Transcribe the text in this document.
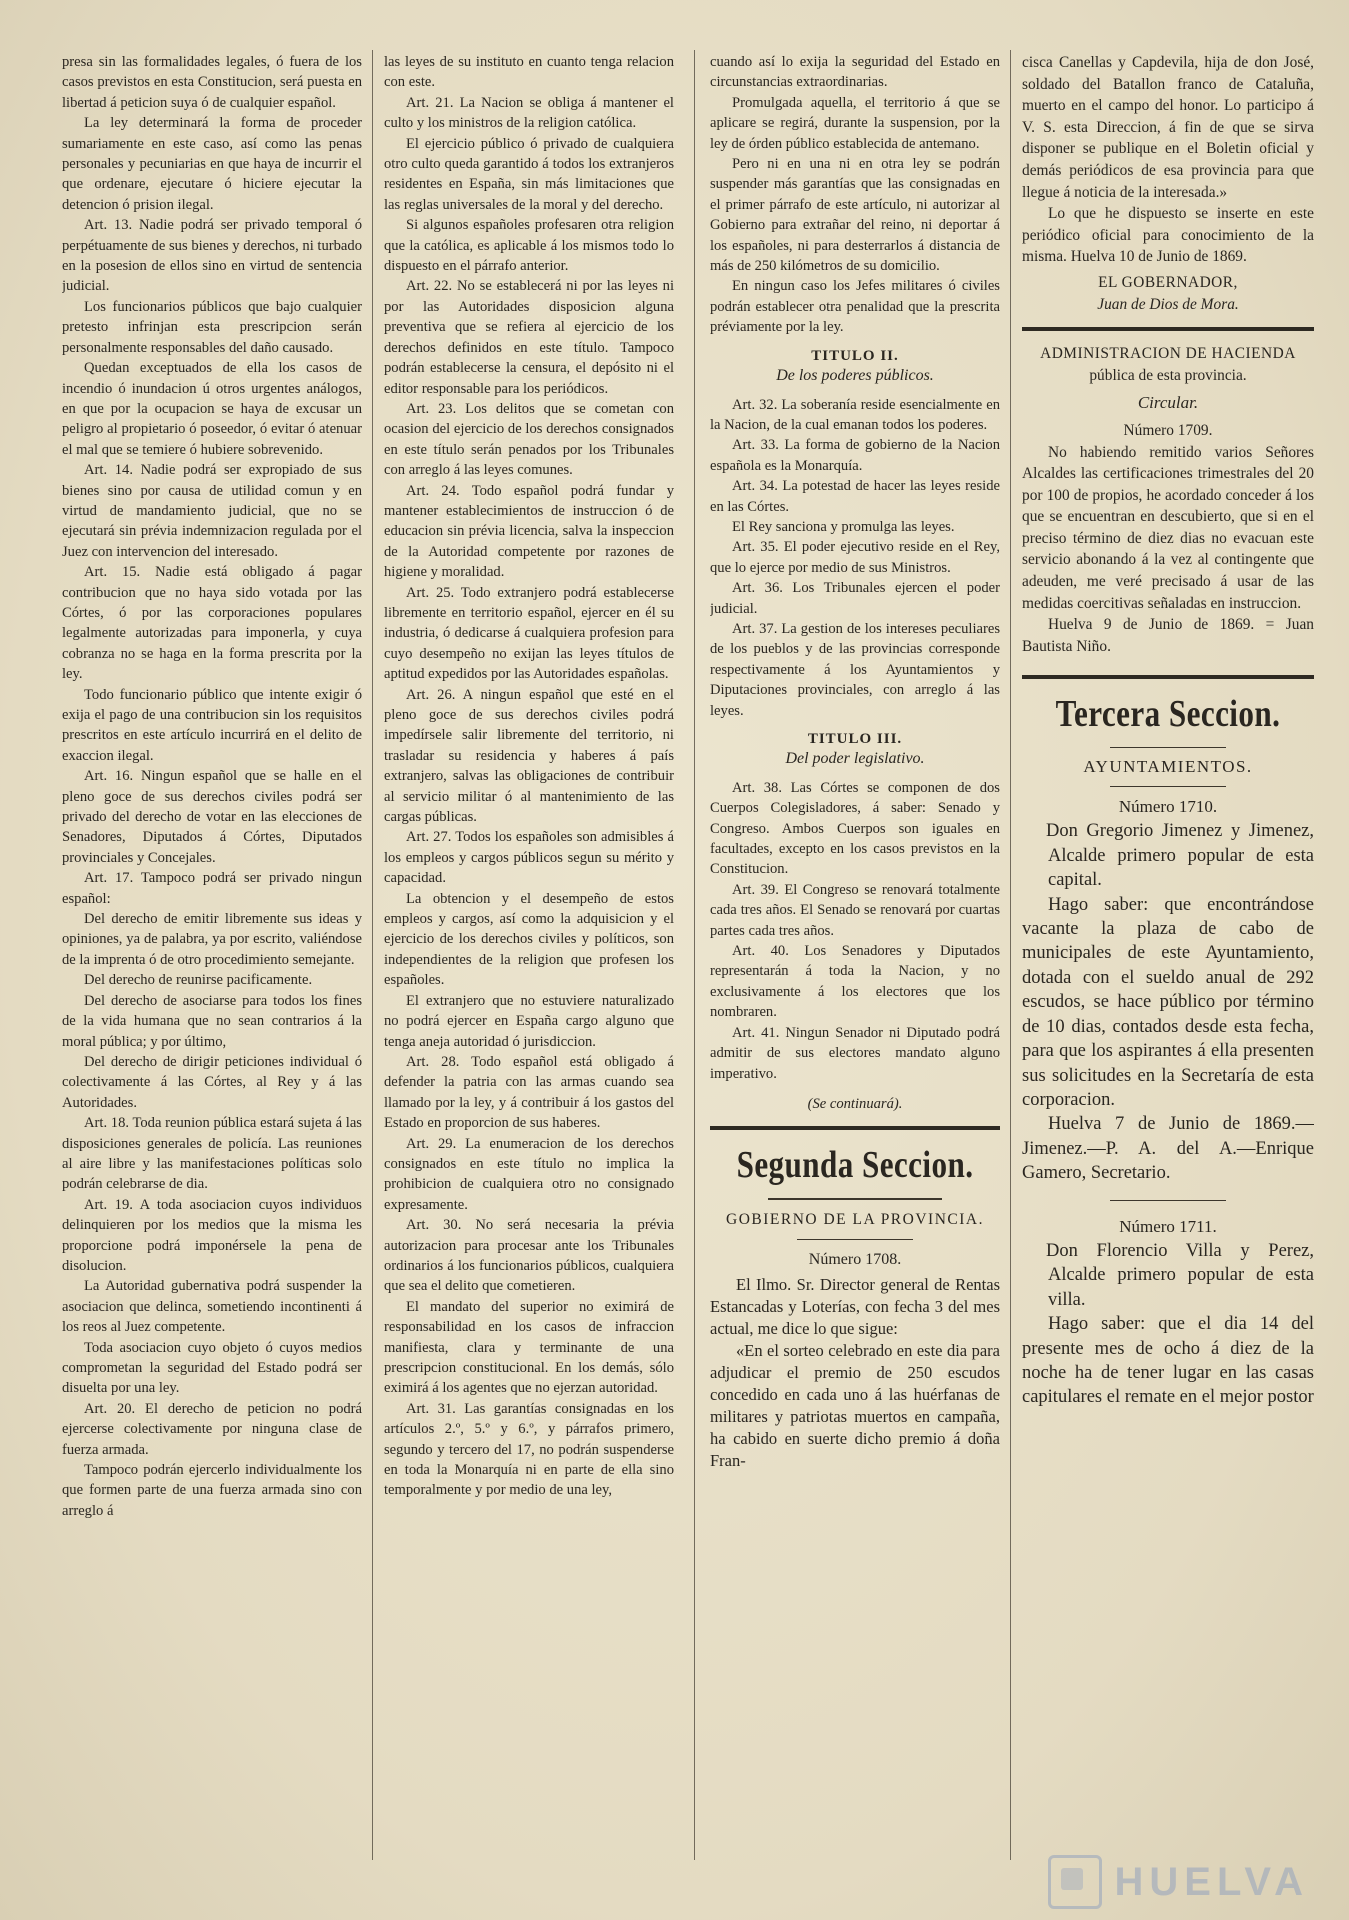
presa sin las formalidades legales, ó fuera de los casos previstos en esta Constitucion, será puesta en libertad á peticion suya ó de cualquier español.

La ley determinará la forma de proceder sumariamente en este caso, así como las penas personales y pecuniarias en que haya de incurrir el que ordenare, ejecutare ó hiciere ejecutar la detencion ó prision ilegal.

Art. 13. Nadie podrá ser privado temporal ó perpétuamente de sus bienes y derechos, ni turbado en la posesion de ellos sino en virtud de sentencia judicial.

Los funcionarios públicos que bajo cualquier pretesto infrinjan esta prescripcion serán personalmente responsables del daño causado.

Quedan exceptuados de ella los casos de incendio ó inundacion ú otros urgentes análogos, en que por la ocupacion se haya de excusar un peligro al propietario ó poseedor, ó evitar ó atenuar el mal que se temiere ó hubiere sobrevenido.

Art. 14. Nadie podrá ser expropiado de sus bienes sino por causa de utilidad comun y en virtud de mandamiento judicial, que no se ejecutará sin prévia indemnizacion regulada por el Juez con intervencion del interesado.

Art. 15. Nadie está obligado á pagar contribucion que no haya sido votada por las Córtes, ó por las corporaciones populares legalmente autorizadas para imponerla, y cuya cobranza no se haga en la forma prescrita por la ley.

Todo funcionario público que intente exigir ó exija el pago de una contribucion sin los requisitos prescritos en este artículo incurrirá en el delito de exaccion ilegal.

Art. 16. Ningun español que se halle en el pleno goce de sus derechos civiles podrá ser privado del derecho de votar en las elecciones de Senadores, Diputados á Córtes, Diputados provinciales y Concejales.

Art. 17. Tampoco podrá ser privado ningun español:

Del derecho de emitir libremente sus ideas y opiniones, ya de palabra, ya por escrito, valiéndose de la imprenta ó de otro procedimiento semejante.

Del derecho de reunirse pacificamente.

Del derecho de asociarse para todos los fines de la vida humana que no sean contrarios á la moral pública; y por último,

Del derecho de dirigir peticiones individual ó colectivamente á las Córtes, al Rey y á las Autoridades.

Art. 18. Toda reunion pública estará sujeta á las disposiciones generales de policía. Las reuniones al aire libre y las manifestaciones políticas solo podrán celebrarse de dia.

Art. 19. A toda asociacion cuyos individuos delinquieren por los medios que la misma les proporcione podrá imponérsele la pena de disolucion.

La Autoridad gubernativa podrá suspender la asociacion que delinca, sometiendo incontinenti á los reos al Juez competente.

Toda asociacion cuyo objeto ó cuyos medios comprometan la seguridad del Estado podrá ser disuelta por una ley.

Art. 20. El derecho de peticion no podrá ejercerse colectivamente por ninguna clase de fuerza armada.

Tampoco podrán ejercerlo individualmente los que formen parte de una fuerza armada sino con arreglo á

las leyes de su instituto en cuanto tenga relacion con este.

Art. 21. La Nacion se obliga á mantener el culto y los ministros de la religion católica.

El ejercicio público ó privado de cualquiera otro culto queda garantido á todos los extranjeros residentes en España, sin más limitaciones que las reglas universales de la moral y del derecho.

Si algunos españoles profesaren otra religion que la católica, es aplicable á los mismos todo lo dispuesto en el párrafo anterior.

Art. 22. No se establecerá ni por las leyes ni por las Autoridades disposicion alguna preventiva que se refiera al ejercicio de los derechos definidos en este título. Tampoco podrán establecerse la censura, el depósito ni el editor responsable para los periódicos.

Art. 23. Los delitos que se cometan con ocasion del ejercicio de los derechos consignados en este título serán penados por los Tribunales con arreglo á las leyes comunes.

Art. 24. Todo español podrá fundar y mantener establecimientos de instruccion ó de educacion sin prévia licencia, salva la inspeccion de la Autoridad competente por razones de higiene y moralidad.

Art. 25. Todo extranjero podrá establecerse libremente en territorio español, ejercer en él su industria, ó dedicarse á cualquiera profesion para cuyo desempeño no exijan las leyes títulos de aptitud expedidos por las Autoridades españolas.

Art. 26. A ningun español que esté en el pleno goce de sus derechos civiles podrá impedírsele salir libremente del territorio, ni trasladar su residencia y haberes á país extranjero, salvas las obligaciones de contribuir al servicio militar ó al mantenimiento de las cargas públicas.

Art. 27. Todos los españoles son admisibles á los empleos y cargos públicos segun su mérito y capacidad.

La obtencion y el desempeño de estos empleos y cargos, así como la adquisicion y el ejercicio de los derechos civiles y políticos, son independientes de la religion que profesen los españoles.

El extranjero que no estuviere naturalizado no podrá ejercer en España cargo alguno que tenga aneja autoridad ó jurisdiccion.

Art. 28. Todo español está obligado á defender la patria con las armas cuando sea llamado por la ley, y á contribuir á los gastos del Estado en proporcion de sus haberes.

Art. 29. La enumeracion de los derechos consignados en este título no implica la prohibicion de cualquiera otro no consignado expresamente.

Art. 30. No será necesaria la prévia autorizacion para procesar ante los Tribunales ordinarios á los funcionarios públicos, cualquiera que sea el delito que cometieren.

El mandato del superior no eximirá de responsabilidad en los casos de infraccion manifiesta, clara y terminante de una prescripcion constitucional. En los demás, sólo eximirá á los agentes que no ejerzan autoridad.

Art. 31. Las garantías consignadas en los artículos 2.º, 5.º y 6.º, y párrafos primero, segundo y tercero del 17, no podrán suspenderse en toda la Monarquía ni en parte de ella sino temporalmente y por medio de una ley,

cuando así lo exija la seguridad del Estado en circunstancias extraordinarias.

Promulgada aquella, el territorio á que se aplicare se regirá, durante la suspension, por la ley de órden público establecida de antemano.

Pero ni en una ni en otra ley se podrán suspender más garantías que las consignadas en el primer párrafo de este artículo, ni autorizar al Gobierno para extrañar del reino, ni deportar á los españoles, ni para desterrarlos á distancia de más de 250 kilómetros de su domicilio.

En ningun caso los Jefes militares ó civiles podrán establecer otra penalidad que la prescrita préviamente por la ley.

TITULO II.
De los poderes públicos.

Art. 32. La soberanía reside esencialmente en la Nacion, de la cual emanan todos los poderes.

Art. 33. La forma de gobierno de la Nacion española es la Monarquía.

Art. 34. La potestad de hacer las leyes reside en las Córtes.

El Rey sanciona y promulga las leyes.

Art. 35. El poder ejecutivo reside en el Rey, que lo ejerce por medio de sus Ministros.

Art. 36. Los Tribunales ejercen el poder judicial.

Art. 37. La gestion de los intereses peculiares de los pueblos y de las provincias corresponde respectivamente á los Ayuntamientos y Diputaciones provinciales, con arreglo á las leyes.

TITULO III.
Del poder legislativo.

Art. 38. Las Córtes se componen de dos Cuerpos Colegisladores, á saber: Senado y Congreso. Ambos Cuerpos son iguales en facultades, excepto en los casos previstos en la Constitucion.

Art. 39. El Congreso se renovará totalmente cada tres años. El Senado se renovará por cuartas partes cada tres años.

Art. 40. Los Senadores y Diputados representarán á toda la Nacion, y no exclusivamente á los electores que los nombraren.

Art. 41. Ningun Senador ni Diputado podrá admitir de sus electores mandato alguno imperativo.

(Se continuará).
Segunda Seccion.
GOBIERNO DE LA PROVINCIA.
Número 1708.

El Ilmo. Sr. Director general de Rentas Estancadas y Loterías, con fecha 3 del mes actual, me dice lo que sigue:

«En el sorteo celebrado en este dia para adjudicar el premio de 250 escudos concedido en cada uno á las huérfanas de militares y patriotas muertos en campaña, ha cabido en suerte dicho premio á doña Fran-

cisca Canellas y Capdevila, hija de don José, soldado del Batallon franco de Cataluña, muerto en el campo del honor. Lo participo á V. S. esta Direccion, á fin de que se sirva disponer se publique en el Boletin oficial y demás periódicos de esa provincia para que llegue á noticia de la interesada.»

Lo que he dispuesto se inserte en este periódico oficial para conocimiento de la misma. Huelva 10 de Junio de 1869.

EL GOBERNADOR,
Juan de Dios de Mora.
ADMINISTRACION DE HACIENDA
pública de esta provincia.
Circular.
Número 1709.

No habiendo remitido varios Señores Alcaldes las certificaciones trimestrales del 20 por 100 de propios, he acordado conceder á los que se encuentran en descubierto, que si en el preciso término de diez dias no evacuan este servicio abonando á la vez al contingente que adeuden, me veré precisado á usar de las medidas coercitivas señaladas en instruccion.

Huelva 9 de Junio de 1869. = Juan Bautista Niño.

Tercera Seccion.
AYUNTAMIENTOS.
Número 1710.
Don Gregorio Jimenez y Jimenez, Alcalde primero popular de esta capital.

Hago saber: que encontrándose vacante la plaza de cabo de municipales de este Ayuntamiento, dotada con el sueldo anual de 292 escudos, se hace público por término de 10 dias, contados desde esta fecha, para que los aspirantes á ella presenten sus solicitudes en la Secretaría de esta corporacion.

Huelva 7 de Junio de 1869.—Jimenez.—P. A. del A.—Enrique Gamero, Secretario.

Número 1711.
Don Florencio Villa y Perez, Alcalde primero popular de esta villa.

Hago saber: que el dia 14 del presente mes de ocho á diez de la noche ha de tener lugar en las casas capitulares el remate en el mejor postor

HUELVA
